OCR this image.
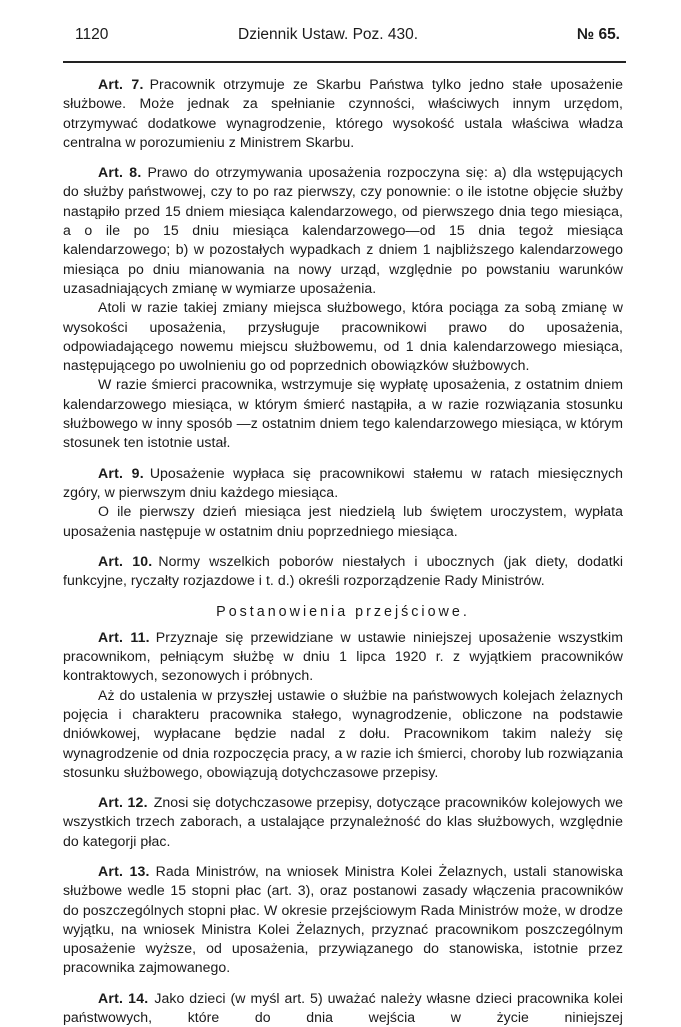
1120	Dziennik Ustaw. Poz. 430.	№ 65.

Art. 7. Pracownik otrzymuje ze Skarbu Państwa tylko jedno stałe uposażenie służbowe. Może jednak za spełnianie czynności, właściwych innym urzędom, otrzymywać dodatkowe wynagrodzenie, którego wysokość ustala właściwa władza centralna w porozumieniu z Ministrem Skarbu.

Art. 8. Prawo do otrzymywania uposażenia rozpoczyna się: a) dla wstępujących do służby państwowej, czy to po raz pierwszy, czy ponownie: o ile istotne objęcie służby nastąpiło przed 15 dniem miesiąca kalendarzowego, od pierwszego dnia tego miesiąca, a o ile po 15 dniu miesiąca kalendarzowego—od 15 dnia tegoż miesiąca kalendarzowego; b) w pozostałych wypadkach z dniem 1 najbliższego kalendarzowego miesiąca po dniu mianowania na nowy urząd, względnie po powstaniu warunków uzasadniających zmianę w wymiarze uposażenia.

Atoli w razie takiej zmiany miejsca służbowego, która pociąga za sobą zmianę w wysokości uposażenia, przysługuje pracownikowi prawo do uposażenia, odpowiadającego nowemu miejscu służbowemu, od 1 dnia kalendarzowego miesiąca, następującego po uwolnieniu go od poprzednich obowiązków służbowych.

W razie śmierci pracownika, wstrzymuje się wypłatę uposażenia, z ostatnim dniem kalendarzowego miesiąca, w którym śmierć nastąpiła, a w razie rozwiązania stosunku służbowego w inny sposób —z ostatnim dniem tego kalendarzowego miesiąca, w którym stosunek ten istotnie ustał.

Art. 9. Uposażenie wypłaca się pracownikowi stałemu w ratach miesięcznych zgóry, w pierwszym dniu każdego miesiąca.

O ile pierwszy dzień miesiąca jest niedzielą lub świętem uroczystem, wypłata uposażenia następuje w ostatnim dniu poprzedniego miesiąca.

Art. 10. Normy wszelkich poborów niestałych i ubocznych (jak diety, dodatki funkcyjne, ryczałty rozjazdowe i t. d.) określi rozporządzenie Rady Ministrów.

Postanowienia przejściowe.

Art. 11. Przyznaje się przewidziane w ustawie niniejszej uposażenie wszystkim pracownikom, pełniącym służbę w dniu 1 lipca 1920 r. z wyjątkiem pracowników kontraktowych, sezonowych i próbnych.

Aż do ustalenia w przyszłej ustawie o służbie na państwowych kolejach żelaznych pojęcia i charakteru pracownika stałego, wynagrodzenie, obliczone na podstawie dniówkowej, wypłacane będzie nadal z dołu. Pracownikom takim należy się wynagrodzenie od dnia rozpoczęcia pracy, a w razie ich śmierci, choroby lub rozwiązania stosunku służbowego, obowiązują dotychczasowe przepisy.

Art. 12. Znosi się dotychczasowe przepisy, dotyczące pracowników kolejowych we wszystkich trzech zaborach, a ustalające przynależność do klas służbowych, względnie do kategorji płac.

Art. 13. Rada Ministrów, na wniosek Ministra Kolei Żelaznych, ustali stanowiska służbowe wedle 15 stopni płac (art. 3), oraz postanowi zasady włączenia pracowników do poszczególnych stopni płac. W okresie przejściowym Rada Ministrów może, w drodze wyjątku, na wniosek Ministra Kolei Żelaznych, przyznać pracownikom poszczególnym uposażenie wyższe, od uposażenia, przywiązanego do stanowiska, istotnie przez pracownika zajmowanego.

Art. 14. Jako dzieci (w myśl art. 5) uważać należy własne dzieci pracownika kolei państwowych, które do dnia wejścia w życie niniejszej
